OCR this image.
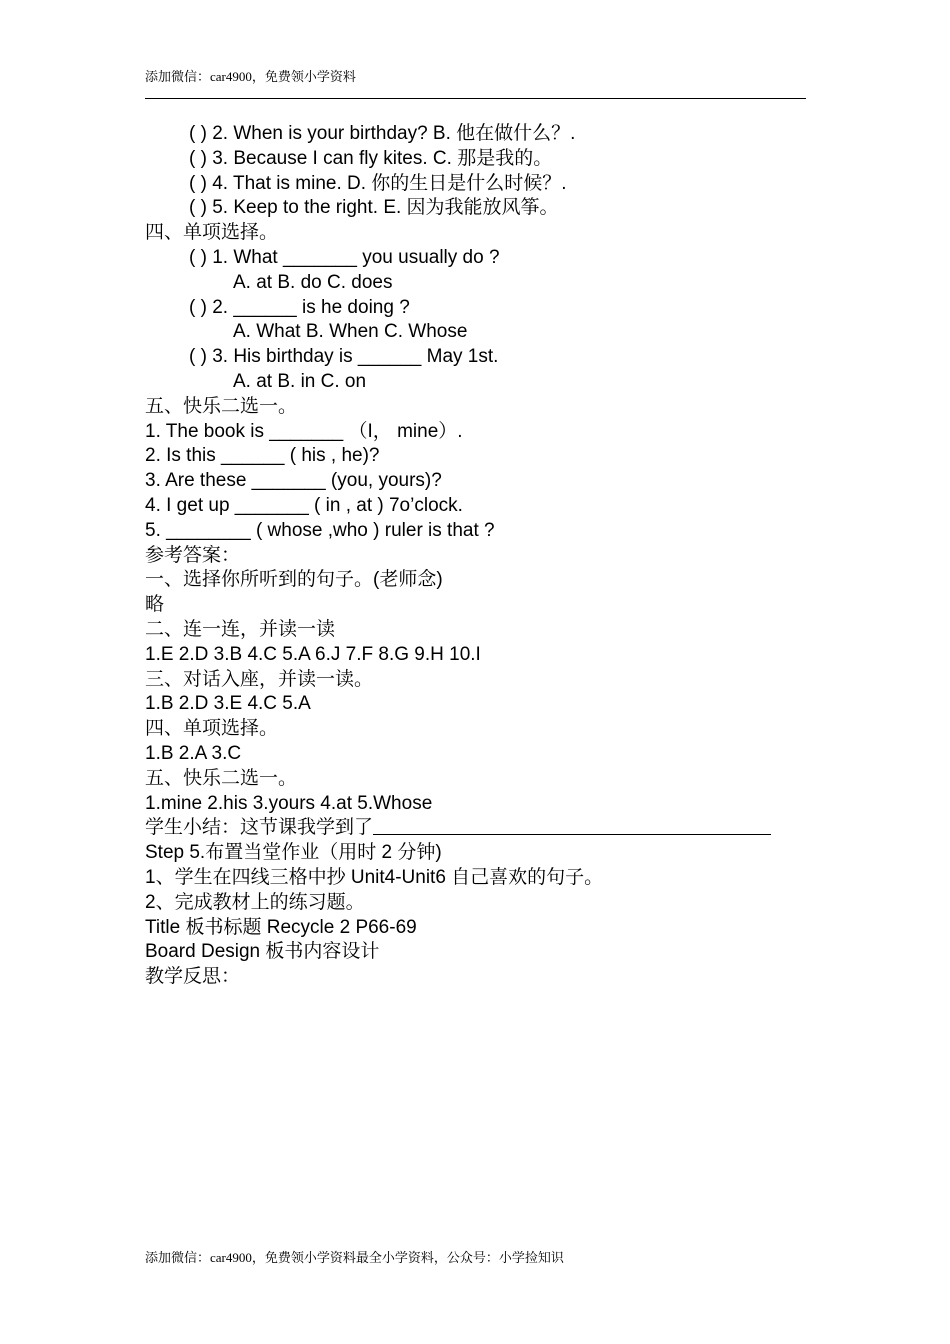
添加微信：car4900，免费领小学资料
( ) 2. When is your birthday? B. 他在做什么？.
( ) 3. Because I can fly kites. C. 那是我的。
( ) 4. That is mine. D. 你的生日是什么时候？.
( ) 5. Keep to the right. E. 因为我能放风筝。
四、单项选择。
( ) 1. What _______ you usually do ?
A. at B. do C. does
( ) 2. ______ is he doing ?
A. What B. When C. Whose
( ) 3. His birthday is ______ May 1st.
A. at B. in C. on
五、快乐二选一。
1. The book is _______ （I， mine）.
2. Is this ______ ( his , he)?
3. Are these _______ (you, yours)?
4. I get up _______ ( in , at ) 7o’clock.
5. ________ ( whose ,who ) ruler is that ?
参考答案：
一、选择你所听到的句子。(老师念)
略
二、连一连，并读一读
1.E 2.D 3.B 4.C 5.A 6.J 7.F 8.G 9.H 10.I
三、对话入座，并读一读。
1.B 2.D 3.E 4.C 5.A
四、单项选择。
1.B 2.A 3.C
五、快乐二选一。
1.mine 2.his 3.yours 4.at 5.Whose
学生小结：这节课我学到了
Step 5.布置当堂作业（用时 2 分钟)
1、学生在四线三格中抄 Unit4-Unit6 自己喜欢的句子。
2、完成教材上的练习题。
Title 板书标题 Recycle 2 P66-69
Board Design 板书内容设计
教学反思：
添加微信：car4900，免费领小学资料最全小学资料，公众号：小学捡知识
